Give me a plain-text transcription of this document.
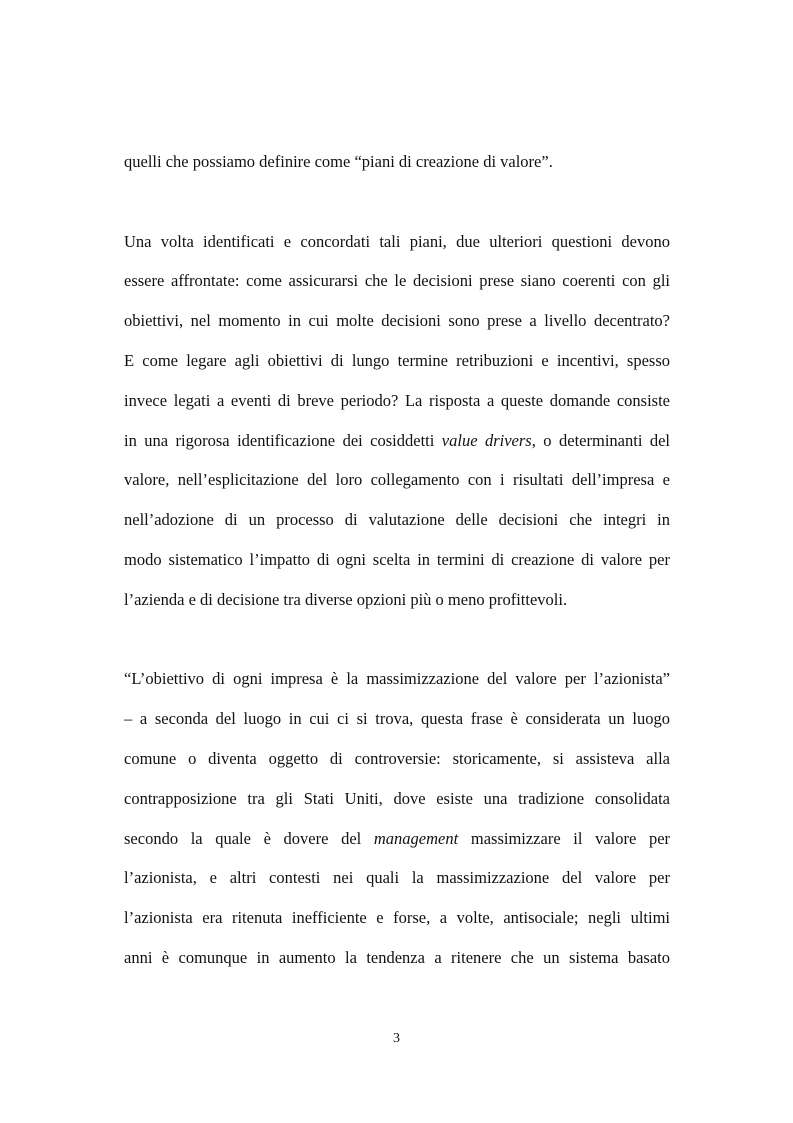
quelli che possiamo definire come “piani di creazione di valore”.
Una volta identificati e concordati tali piani, due ulteriori questioni devono
essere affrontate: come assicurarsi che le decisioni prese siano coerenti con gli
obiettivi, nel momento in cui molte decisioni sono prese a livello decentrato?
E come legare agli obiettivi di lungo termine retribuzioni e incentivi, spesso
invece legati a eventi di breve periodo? La risposta a queste domande consiste
in una rigorosa identificazione dei cosiddetti value drivers, o determinanti del
valore, nell’esplicitazione del loro collegamento con i risultati dell’impresa e
nell’adozione di un processo di valutazione delle decisioni che integri in
modo sistematico l’impatto di ogni scelta in termini di creazione di valore per
l’azienda e di decisione tra diverse opzioni più o meno profittevoli.
“L’obiettivo di ogni impresa è la massimizzazione del valore per l’azionista”
– a seconda del luogo in cui ci si trova, questa frase è considerata un luogo
comune o diventa oggetto di controversie: storicamente, si assisteva alla
contrapposizione tra gli Stati Uniti, dove esiste una tradizione consolidata
secondo la quale è dovere del management massimizzare il valore per
l’azionista, e altri contesti nei quali la massimizzazione del valore per
l’azionista era ritenuta inefficiente e forse, a volte, antisociale; negli ultimi
anni è comunque in aumento la tendenza a ritenere che un sistema basato
3
